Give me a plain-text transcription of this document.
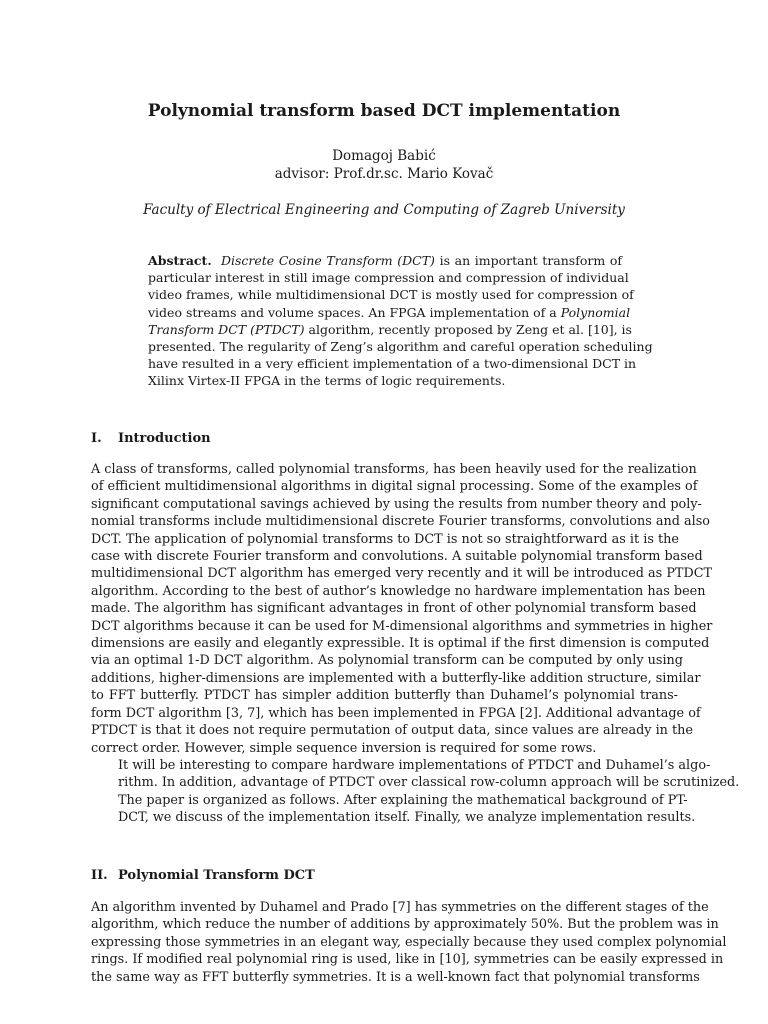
Polynomial transform based DCT implementation

Domagoj Babić

advisor: Prof.dr.sc. Mario Kovač

Faculty of Electrical Engineering and Computing of Zagreb University

Abstract. Discrete Cosine Transform (DCT) is an important transform of
particular interest in still image compression and compression of individual
video frames, while multidimensional DCT is mostly used for compression of
video streams and volume spaces. An FPGA implementation of a Polynomial
Transform DCT (PTDCT) algorithm, recently proposed by Zeng et al. [10], is
presented. The regularity of Zeng’s algorithm and careful operation scheduling
have resulted in a very efficient implementation of a two-dimensional DCT in
Xilinx Virtex-II FPGA in the terms of logic requirements.
I. Introduction

A class of transforms, called polynomial transforms, has been heavily used for the realization
of efficient multidimensional algorithms in digital signal processing. Some of the examples of
significant computational savings achieved by using the results from number theory and poly-
nomial transforms include multidimensional discrete Fourier transforms, convolutions and also
DCT. The application of polynomial transforms to DCT is not so straightforward as it is the
case with discrete Fourier transform and convolutions. A suitable polynomial transform based
multidimensional DCT algorithm has emerged very recently and it will be introduced as PTDCT
algorithm. According to the best of author’s knowledge no hardware implementation has been
made. The algorithm has significant advantages in front of other polynomial transform based
DCT algorithms because it can be used for M-dimensional algorithms and symmetries in higher
dimensions are easily and elegantly expressible. It is optimal if the first dimension is computed
via an optimal 1-D DCT algorithm. As polynomial transform can be computed by only using
additions, higher-dimensions are implemented with a butterfly-like addition structure, similar
to FFT butterfly. PTDCT has simpler addition butterfly than Duhamel’s polynomial trans-
form DCT algorithm [3, 7], which has been implemented in FPGA [2]. Additional advantage of
PTDCT is that it does not require permutation of output data, since values are already in the
correct order. However, simple sequence inversion is required for some rows.

It will be interesting to compare hardware implementations of PTDCT and Duhamel’s algo-
rithm. In addition, advantage of PTDCT over classical row-column approach will be scrutinized.

The paper is organized as follows. After explaining the mathematical background of PT-
DCT, we discuss of the implementation itself. Finally, we analyze implementation results.

II. Polynomial Transform DCT

An algorithm invented by Duhamel and Prado [7] has symmetries on the different stages of the
algorithm, which reduce the number of additions by approximately 50%. But the problem was in
expressing those symmetries in an elegant way, especially because they used complex polynomial
rings. If modified real polynomial ring is used, like in [10], symmetries can be easily expressed in
the same way as FFT butterfly symmetries. It is a well-known fact that polynomial transforms
